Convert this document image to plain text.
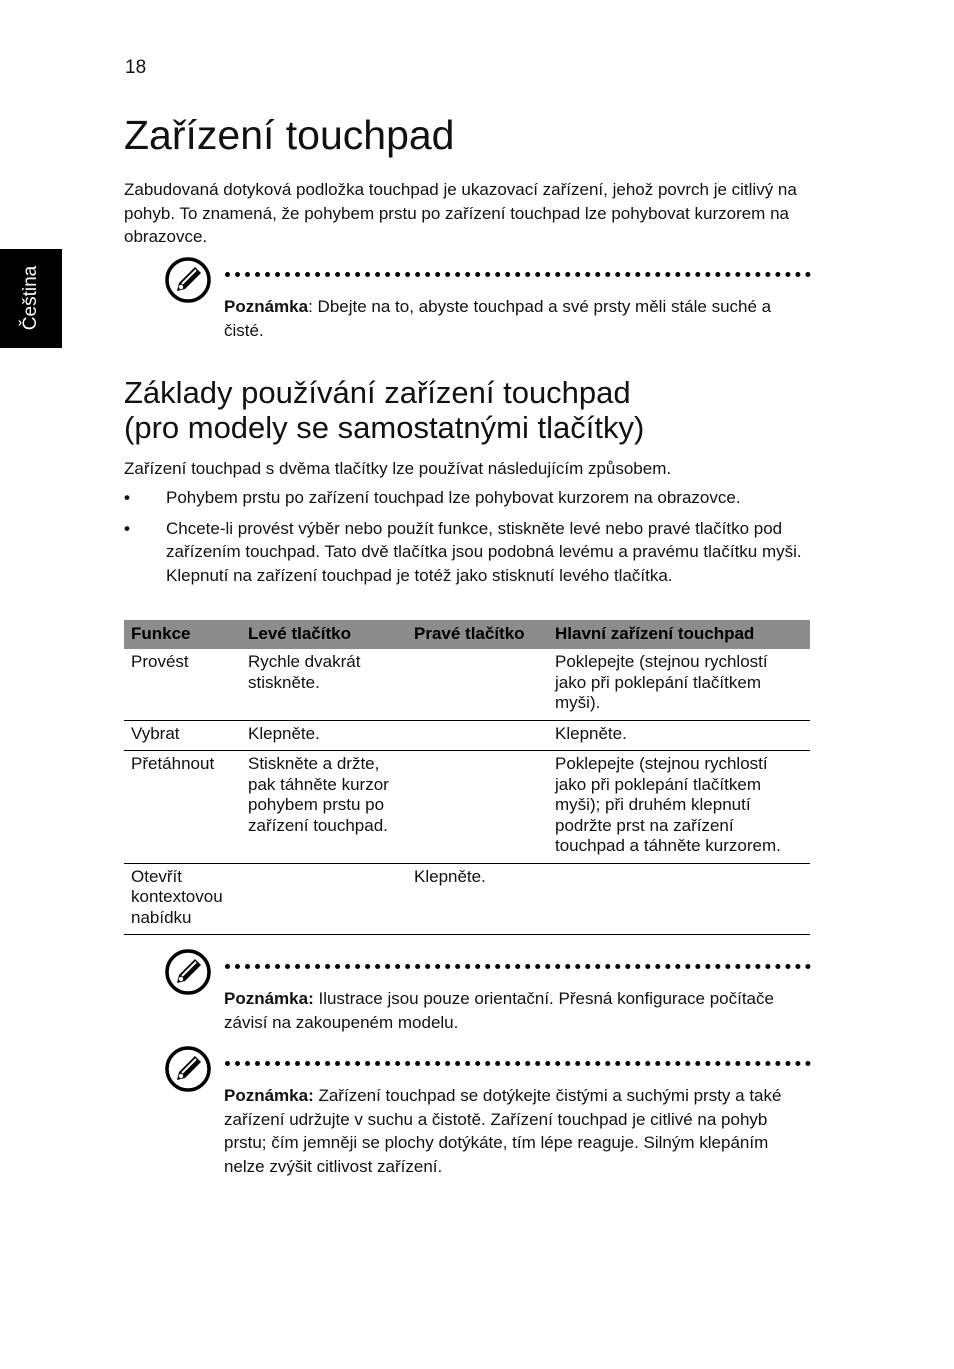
18
Čeština
Zařízení touchpad

Zabudovaná dotyková podložka touchpad je ukazovací zařízení, jehož povrch je citlivý na pohyb. To znamená, že pohybem prstu po zařízení touchpad lze pohybovat kurzorem na obrazovce.

Poznámka: Dbejte na to, abyste touchpad a své prsty měli stále suché a čisté.
Základy používání zařízení touchpad
(pro modely se samostatnými tlačítky)

Zařízení touchpad s dvěma tlačítky lze používat následujícím způsobem.

• Pohybem prstu po zařízení touchpad lze pohybovat kurzorem na obrazovce.
• Chcete-li provést výběr nebo použít funkce, stiskněte levé nebo pravé tlačítko pod zařízením touchpad. Tato dvě tlačítka jsou podobná levému a pravému tlačítku myši. Klepnutí na zařízení touchpad je totéž jako stisknutí levého tlačítka.
Funkce	Levé tlačítko	Pravé tlačítko	Hlavní zařízení touchpad
Provést	Rychle dvakrát stiskněte.		Poklepejte (stejnou rychlostí jako při poklepání tlačítkem myši).
Vybrat	Klepněte.		Klepněte.
Přetáhnout	Stiskněte a držte, pak táhněte kurzor pohybem prstu po zařízení touchpad.		Poklepejte (stejnou rychlostí jako při poklepání tlačítkem myši); při druhém klepnutí podržte prst na zařízení touchpad a táhněte kurzorem.
Otevřít kontextovou nabídku		Klepněte.	
Poznámka: Ilustrace jsou pouze orientační. Přesná konfigurace počítače závisí na zakoupeném modelu.
Poznámka: Zařízení touchpad se dotýkejte čistými a suchými prsty a také zařízení udržujte v suchu a čistotě. Zařízení touchpad je citlivé na pohyb prstu; čím jemněji se plochy dotýkáte, tím lépe reaguje. Silným klepáním nelze zvýšit citlivost zařízení.
